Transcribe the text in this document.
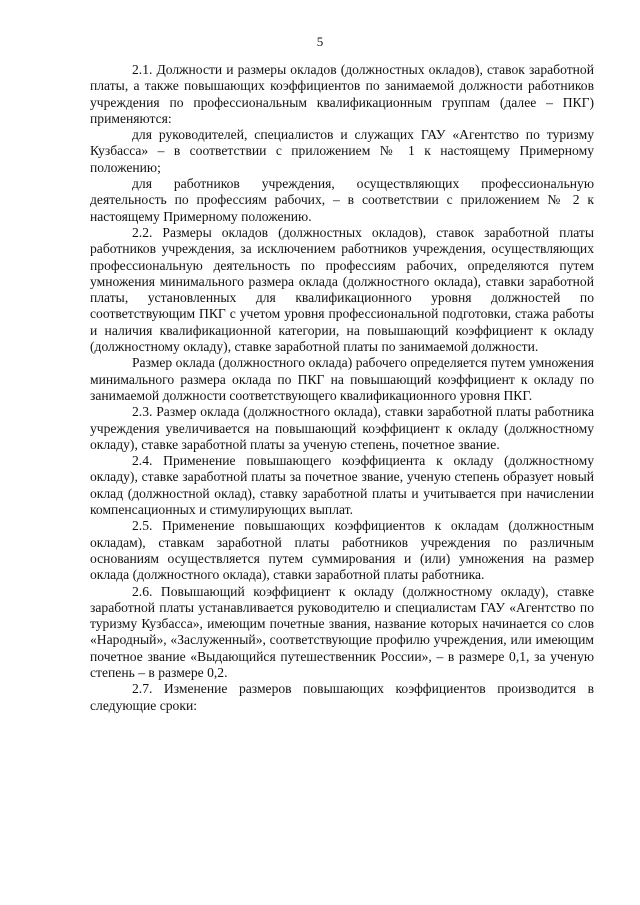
5

2.1. Должности и размеры окладов (должностных окладов), ставок заработной платы, а также повышающих коэффициентов по занимаемой должности работников учреждения по профессиональным квалификационным группам (далее – ПКГ) применяются:

для руководителей, специалистов и служащих ГАУ «Агентство по туризму Кузбасса» – в соответствии с приложением № 1 к настоящему Примерному положению;

для работников учреждения, осуществляющих профессиональную деятельность по профессиям рабочих, – в соответствии с приложением № 2 к настоящему Примерному положению.

2.2. Размеры окладов (должностных окладов), ставок заработной платы работников учреждения, за исключением работников учреждения, осуществляющих профессиональную деятельность по профессиям рабочих, определяются путем умножения минимального размера оклада (должностного оклада), ставки заработной платы, установленных для квалификационного уровня должностей по соответствующим ПКГ с учетом уровня профессиональной подготовки, стажа работы и наличия квалификационной категории, на повышающий коэффициент к окладу (должностному окладу), ставке заработной платы по занимаемой должности.

Размер оклада (должностного оклада) рабочего определяется путем умножения минимального размера оклада по ПКГ на повышающий коэффициент к окладу по занимаемой должности соответствующего квалификационного уровня ПКГ.

2.3. Размер оклада (должностного оклада), ставки заработной платы работника учреждения увеличивается на повышающий коэффициент к окладу (должностному окладу), ставке заработной платы за ученую степень, почетное звание.

2.4. Применение повышающего коэффициента к окладу (должностному окладу), ставке заработной платы за почетное звание, ученую степень образует новый оклад (должностной оклад), ставку заработной платы и учитывается при начислении компенсационных и стимулирующих выплат.

2.5. Применение повышающих коэффициентов к окладам (должностным окладам), ставкам заработной платы работников учреждения по различным основаниям осуществляется путем суммирования и (или) умножения на размер оклада (должностного оклада), ставки заработной платы работника.

2.6. Повышающий коэффициент к окладу (должностному окладу), ставке заработной платы устанавливается руководителю и специалистам ГАУ «Агентство по туризму Кузбасса», имеющим почетные звания, название которых начинается со слов «Народный», «Заслуженный», соответствующие профилю учреждения, или имеющим почетное звание «Выдающийся путешественник России», – в размере 0,1, за ученую степень – в размере 0,2.

2.7. Изменение размеров повышающих коэффициентов производится в следующие сроки:
